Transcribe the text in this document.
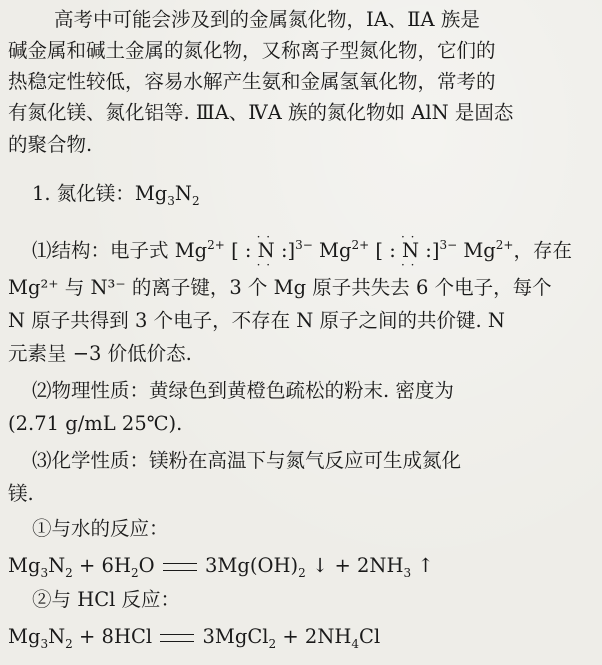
高考中可能会涉及到的金属氮化物，ⅠA、ⅡA 族是
碱金属和碱土金属的氮化物，又称离子型氮化物，它们的
热稳定性较低，容易水解产生氨和金属氢氧化物，常考的
有氮化镁、氮化铝等. ⅢA、ⅣA 族的氮化物如 AlN 是固态
的聚合物.
1. 氮化镁：$Mg_3N_2$
⑴结构：电子式 $Mg^{2+}$ [ : · · N · · :]$^{3-}$ $Mg^{2+}$ [ : · · N · · :]$^{3-}$ $Mg^{2+}$，存在
Mg²⁺ 与 N³⁻ 的离子键，3 个 Mg 原子共失去 6 个电子，每个
N 原子共得到 3 个电子，不存在 N 原子之间的共价键. N
元素呈 −3 价低价态.
⑵物理性质：黄绿色到黄橙色疏松的粉末. 密度为
(2.71 g/mL 25℃).
⑶化学性质：镁粉在高温下与氮气反应可生成氮化
镁.
①与水的反应：
$Mg_3N_2 + 6H_2O$	$3Mg(OH)_2$ ↓ + $2NH_3$ ↑
②与 HCl 反应：
$Mg_3N_2 + 8HCl$	3MgCl$_2$ + $2NH_4Cl$
